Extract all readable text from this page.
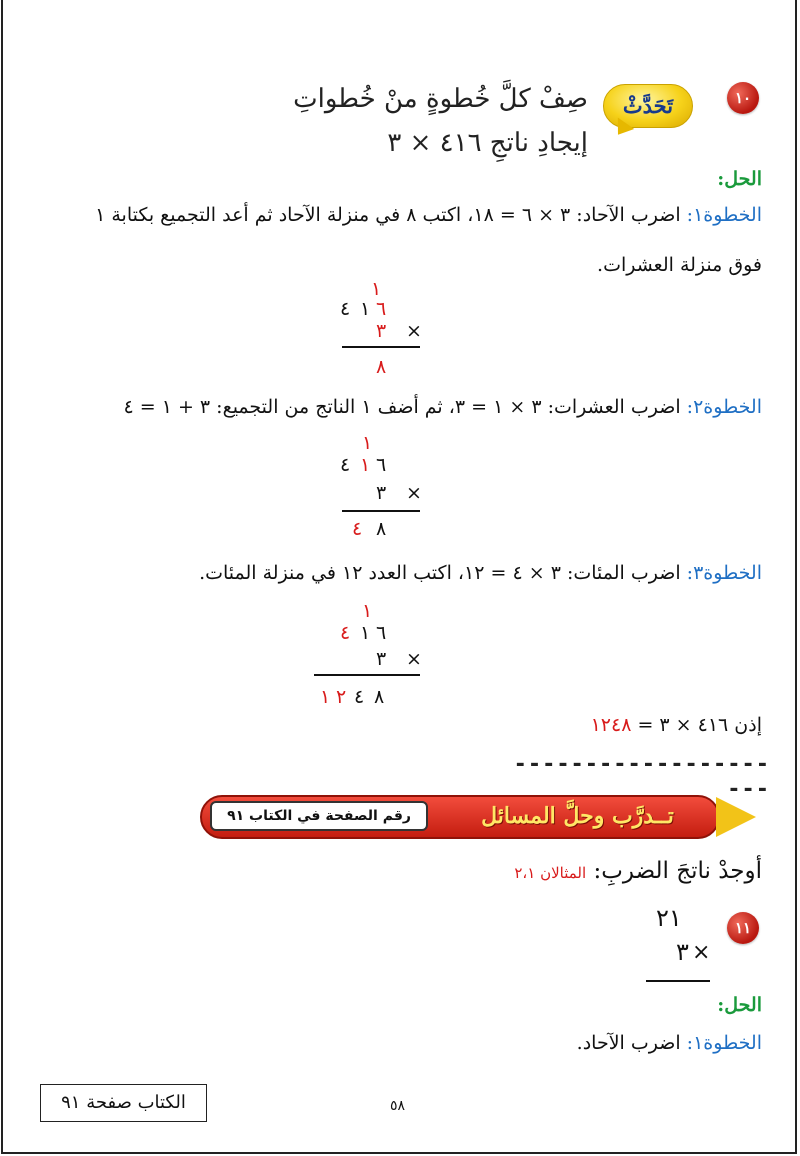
١٠
تَحَدَّثْ
صِفْ كلَّ خُطوةٍ منْ خُطواتِ
إيجادِ ناتجِ ٤١٦ × ٣
الحل:
الخطوة١: اضرب الآحاد: ٣ × ٦ = ١٨، اكتب ٨ في منزلة الآحاد ثم أعد التجميع بكتابة ١
فوق منزلة العشرات.
١
٤ ١ ٦
٣ ×
٨
الخطوة٢: اضرب العشرات: ٣ × ١ = ٣، ثم أضف ١ الناتج من التجميع: ٣ + ١ = ٤
١
٤ ١ ٦
٣ ×
٤ ٨
الخطوة٣: اضرب المئات: ٣ × ٤ = ١٢، اكتب العدد ١٢ في منزلة المئات.
١
٤ ١ ٦
٣ ×
١ ٢ ٤ ٨
إذن ٤١٦ × ٣ = ١٢٤٨
---------------------
رقم الصفحة في الكتاب ٩١	تــدرَّب وحلَّ المسائل
أوجدْ ناتجَ الضربِ: المثالان ٢،١
١١
٢١
٣ ×
الحل:
الخطوة١: اضرب الآحاد.
٥٨
الكتاب صفحة ٩١
